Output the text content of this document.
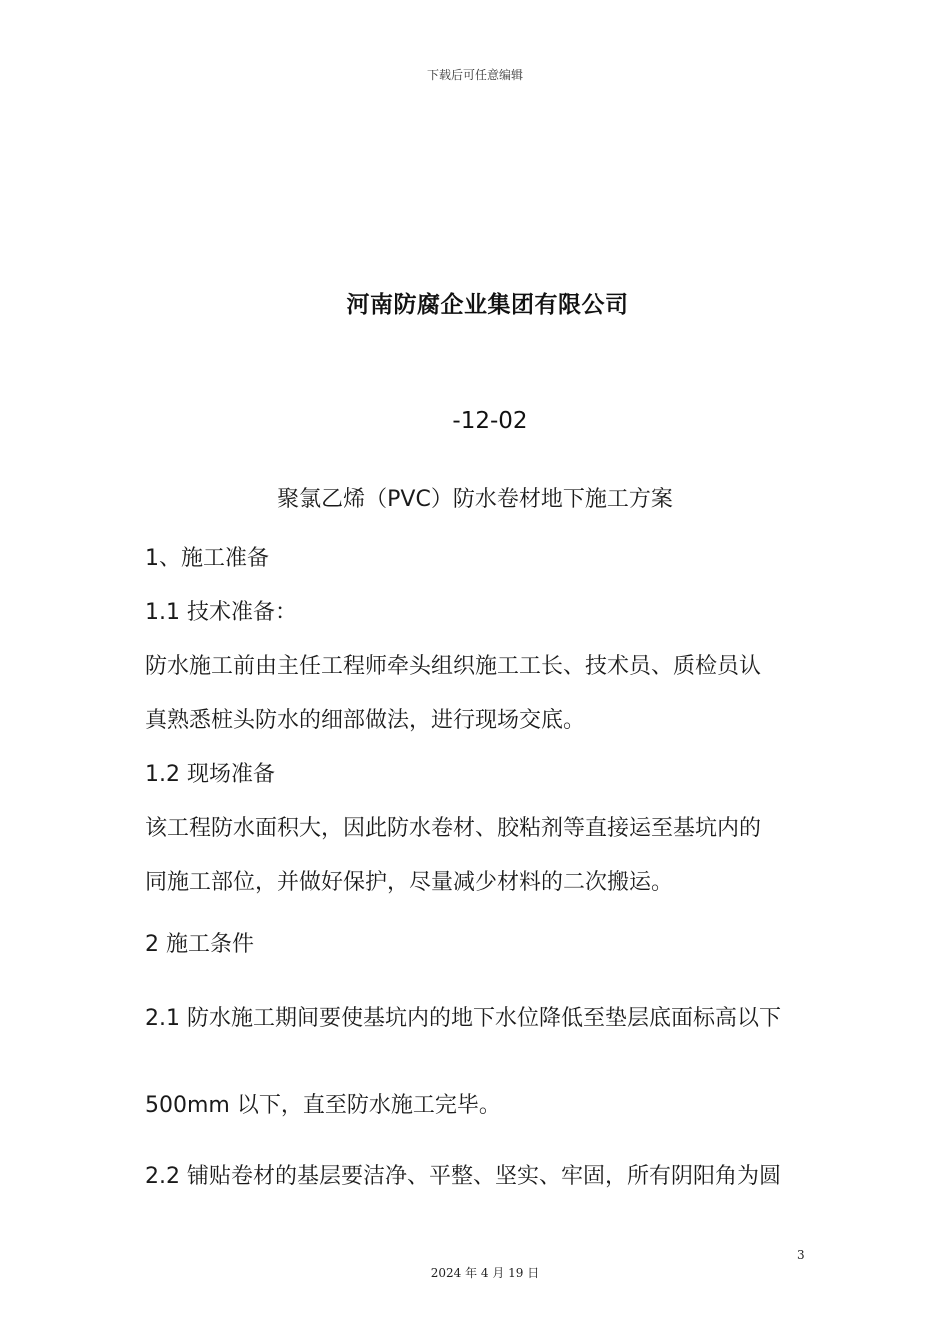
下载后可任意编辑
河南防腐企业集团有限公司
-12-02
聚氯乙烯（PVC）防水卷材地下施工方案
1、施工准备
1.1 技术准备：
防水施工前由主任工程师牵头组织施工工长、技术员、质检员认
真熟悉桩头防水的细部做法，进行现场交底。
1.2 现场准备
该工程防水面积大，因此防水卷材、胶粘剂等直接运至基坑内的
同施工部位，并做好保护，尽量减少材料的二次搬运。
2 施工条件
2.1 防水施工期间要使基坑内的地下水位降低至垫层底面标高以下
500mm 以下，直至防水施工完毕。
2.2 铺贴卷材的基层要洁净、平整、坚实、牢固，所有阴阳角为圆
3
2024 年 4 月 19 日
